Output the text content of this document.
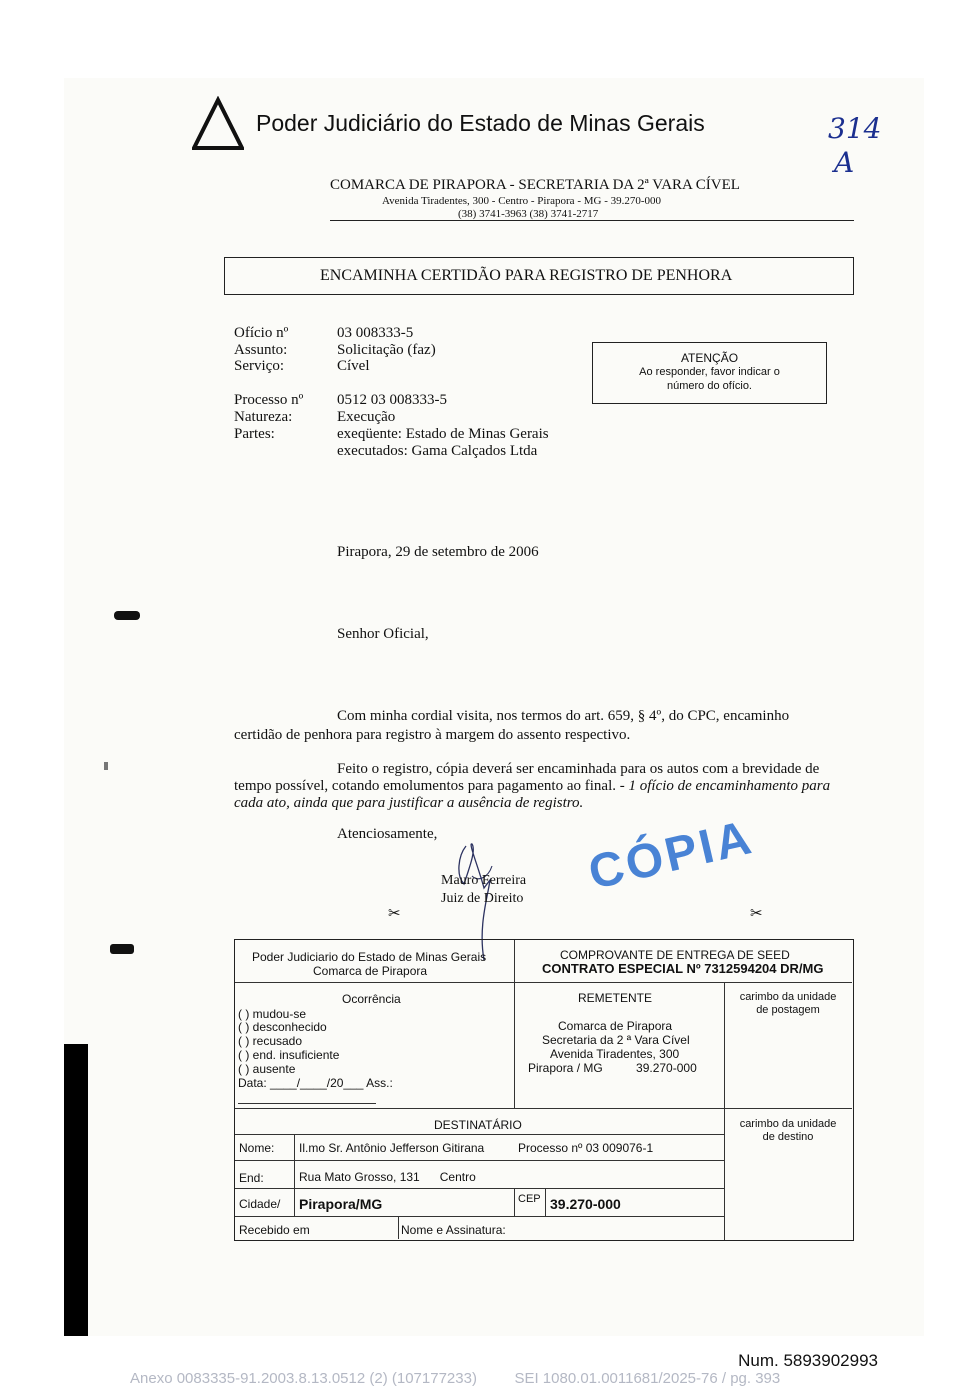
Poder Judiciário do Estado de Minas Gerais	314
A
COMARCA DE PIRAPORA - SECRETARIA DA 2ª VARA CÍVEL
Avenida Tiradentes, 300 - Centro - Pirapora - MG - 39.270-000
(38) 3741-3963 (38) 3741-2717
ENCAMINHA CERTIDÃO PARA REGISTRO DE PENHORA
Ofício nº	03 008333-5
Assunto:	Solicitação (faz)
Serviço:	Cível
Processo nº 0512 03 008333-5
Natureza:	Execução
Partes:	exeqüente: Estado de Minas Gerais
executados: Gama Calçados Ltda
ATENÇÃO
Ao responder, favor indicar o
número do ofício.
Pirapora, 29 de setembro de 2006
Senhor Oficial,
Com minha cordial visita, nos termos do art. 659, § 4º, do CPC, encaminho
certidão de penhora para registro à margem do assento respectivo.
Feito o registro, cópia deverá ser encaminhada para os autos com a brevidade de
tempo possível, cotando emolumentos para pagamento ao final. - 1 ofício de encaminhamento para
cada ato, ainda que para justificar a ausência de registro.
Atenciosamente,
Mauro Ferreira
Juiz de Direito CÓPIA
✂	✂
Poder Judiciario do Estado de Minas Gerais
Comarca de Pirapora
COMPROVANTE DE ENTREGA DE SEED
CONTRATO ESPECIAL Nº 7312594204 DR/MG
Ocorrência
( ) mudou-se
( ) desconhecido
( ) recusado
( ) end. insuficiente
( ) ausente
Data: ____/____/20___ Ass.:
REMETENTE
Comarca de Pirapora
Secretaria da 2 ª Vara Cível
Avenida Tiradentes, 300
Pirapora / MG          39.270-000
carimbo da unidade
de postagem
DESTINATÁRIO	carimbo da unidade
de destino
Nome: Il.mo Sr. Antônio Jefferson Gitirana	Processo nº 03 009076-1
End:	Rua Mato Grosso, 131      Centro
Cidade/ Pirapora/MG	CEP 39.270-000
Recebido em	Nome e Assinatura:
Num. 5893902993
Anexo 0083335-91.2003.8.13.0512 (2) (107177233)         SEI 1080.01.0011681/2025-76 / pg. 393
